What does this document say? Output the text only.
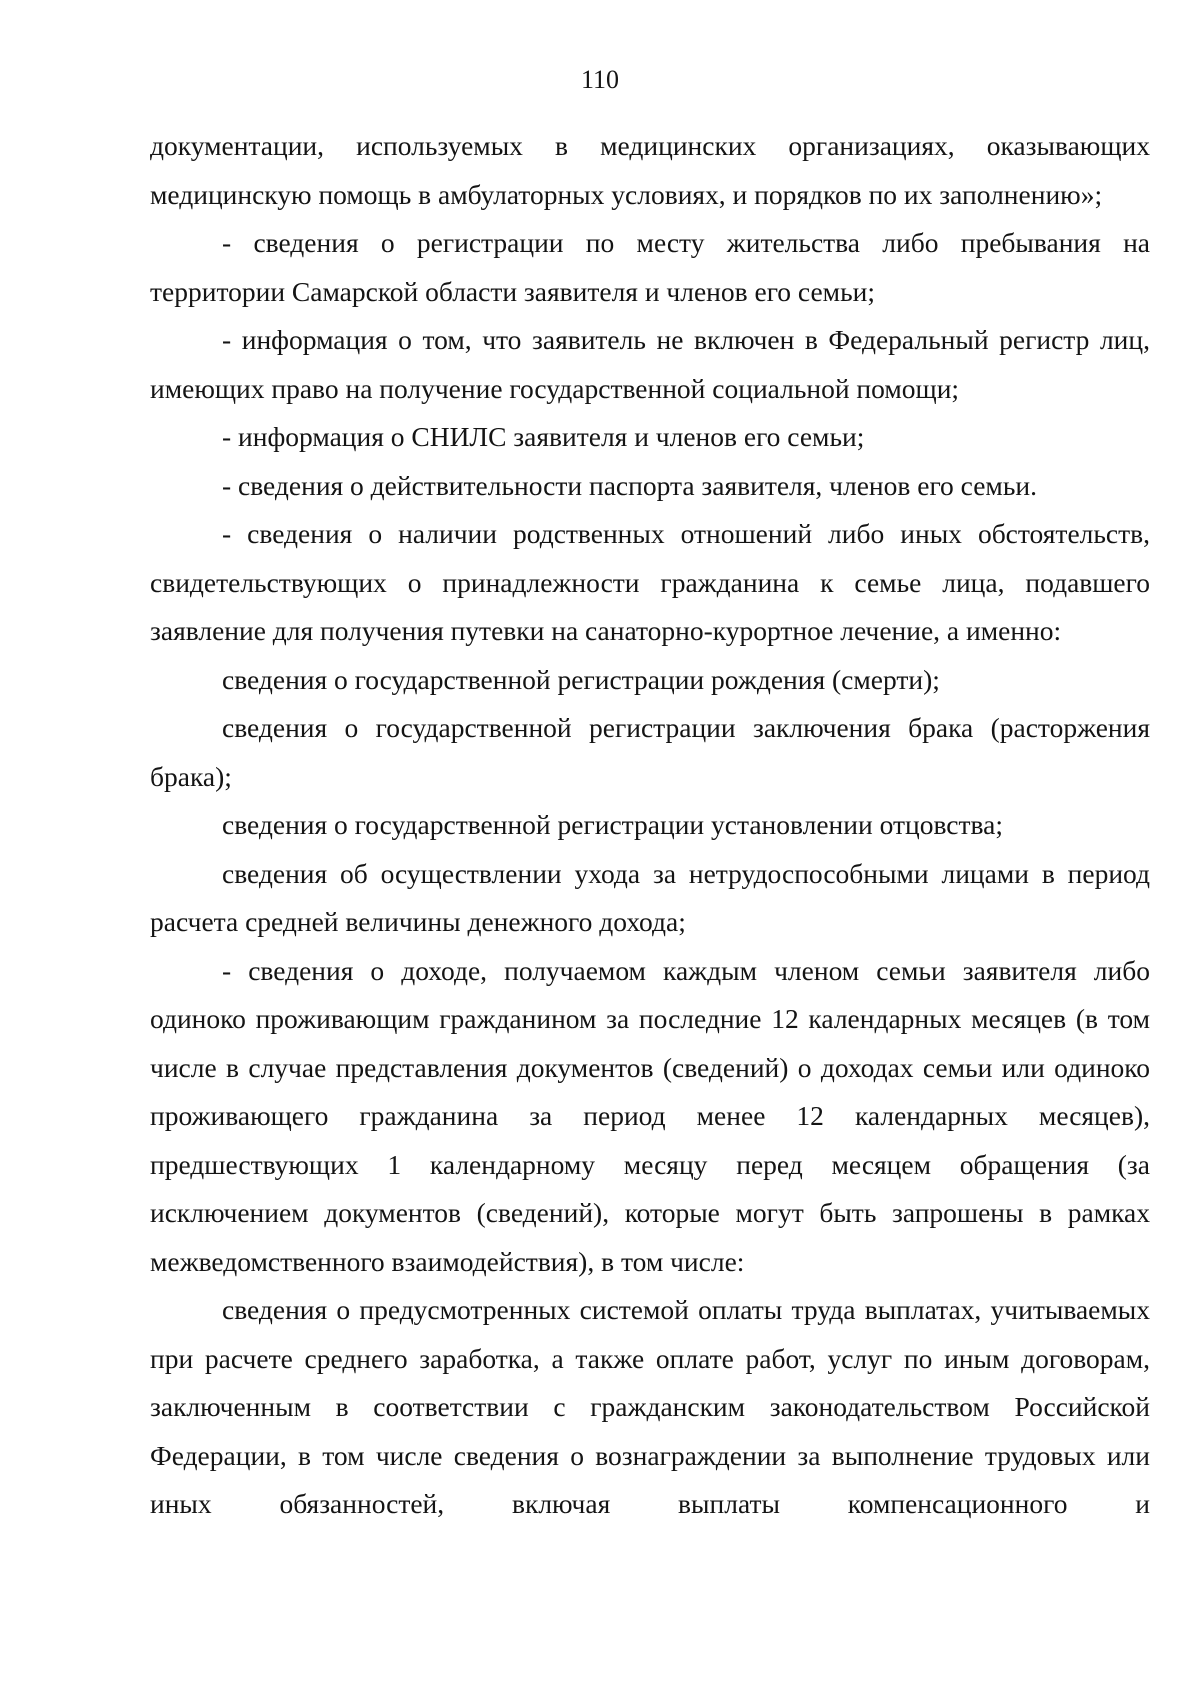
110

документации, используемых в медицинских организациях, оказывающих медицинскую помощь в амбулаторных условиях, и порядков по их заполнению»;

- сведения о регистрации по месту жительства либо пребывания на территории Самарской области заявителя и членов его семьи;

- информация о том, что заявитель не включен в Федеральный регистр лиц, имеющих право на получение государственной социальной помощи;

- информация о СНИЛС заявителя и членов его семьи;

- сведения о действительности паспорта заявителя, членов его семьи.

- сведения о наличии родственных отношений либо иных обстоятельств, свидетельствующих о принадлежности гражданина к семье лица, подавшего заявление для получения путевки на санаторно-курортное лечение, а именно:

сведения о государственной регистрации рождения (смерти);

сведения о государственной регистрации заключения брака (расторжения брака);

сведения о государственной регистрации установлении отцовства;

сведения об осуществлении ухода за нетрудоспособными лицами в период расчета средней величины денежного дохода;

- сведения о доходе, получаемом каждым членом семьи заявителя либо одиноко проживающим гражданином за последние 12 календарных месяцев (в том числе в случае представления документов (сведений) о доходах семьи или одиноко проживающего гражданина за период менее 12 календарных месяцев), предшествующих 1 календарному месяцу перед месяцем обращения (за исключением документов (сведений), которые могут быть запрошены в рамках межведомственного взаимодействия), в том числе:

сведения о предусмотренных системой оплаты труда выплатах, учитываемых при расчете среднего заработка, а также оплате работ, услуг по иным договорам, заключенным в соответствии с гражданским законодательством Российской Федерации, в том числе сведения о вознаграждении за выполнение трудовых или иных обязанностей, включая выплаты компенсационного и
